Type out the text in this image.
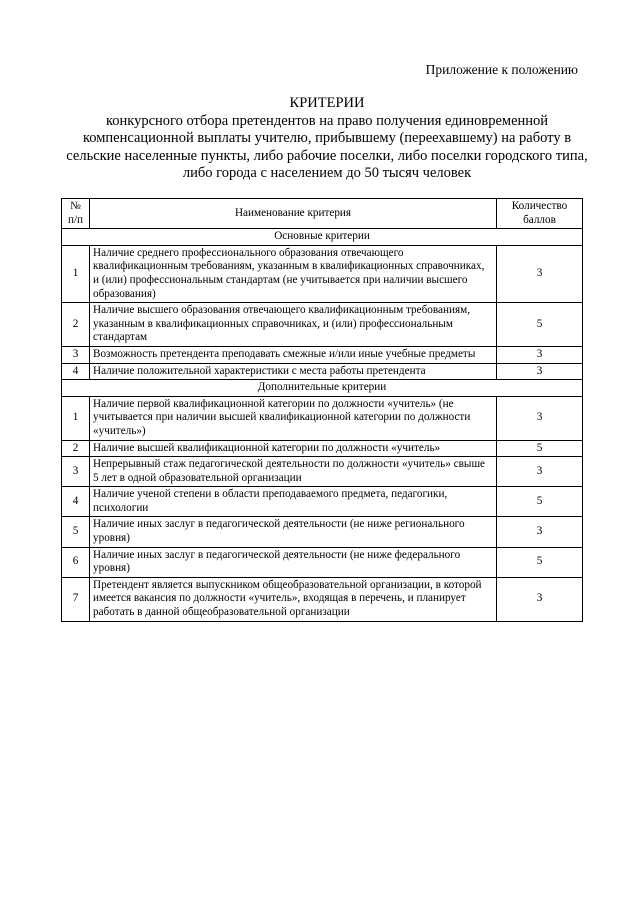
Приложение к положению
КРИТЕРИИ
конкурсного отбора претендентов на право получения единовременной компенсационной выплаты учителю, прибывшему (переехавшему) на работу в сельские населенные пункты, либо рабочие поселки, либо поселки городского типа, либо города с населением до 50 тысяч человек
№ п/п	Наименование критерия	Количество баллов
Основные критерии		
1	Наличие среднего профессионального образования отвечающего квалификационным требованиям, указанным в квалификационных справочниках, и (или) профессиональным стандартам (не учитывается при наличии высшего образования)	3
2	Наличие высшего образования отвечающего квалификационным требованиям, указанным в квалификационных справочниках, и (или) профессиональным стандартам	5
3	Возможность претендента преподавать смежные и/или иные учебные предметы	3
4	Наличие положительной характеристики с места работы претендента	3
Дополнительные критерии		
1	Наличие первой квалификационной категории по должности «учитель» (не учитывается при наличии высшей квалификационной категории по должности «учитель»)	3
2	Наличие высшей квалификационной категории по должности «учитель»	5
3	Непрерывный стаж педагогической деятельности по должности «учитель» свыше 5 лет в одной образовательной организации	3
4	Наличие ученой степени в области преподаваемого предмета, педагогики, психологии	5
5	Наличие иных заслуг в педагогической деятельности (не ниже регионального уровня)	3
6	Наличие иных заслуг в педагогической деятельности (не ниже федерального уровня)	5
7	Претендент является выпускником общеобразовательной организации, в которой имеется вакансия по должности «учитель», входящая в перечень, и планирует работать в данной общеобразовательной организации	3
